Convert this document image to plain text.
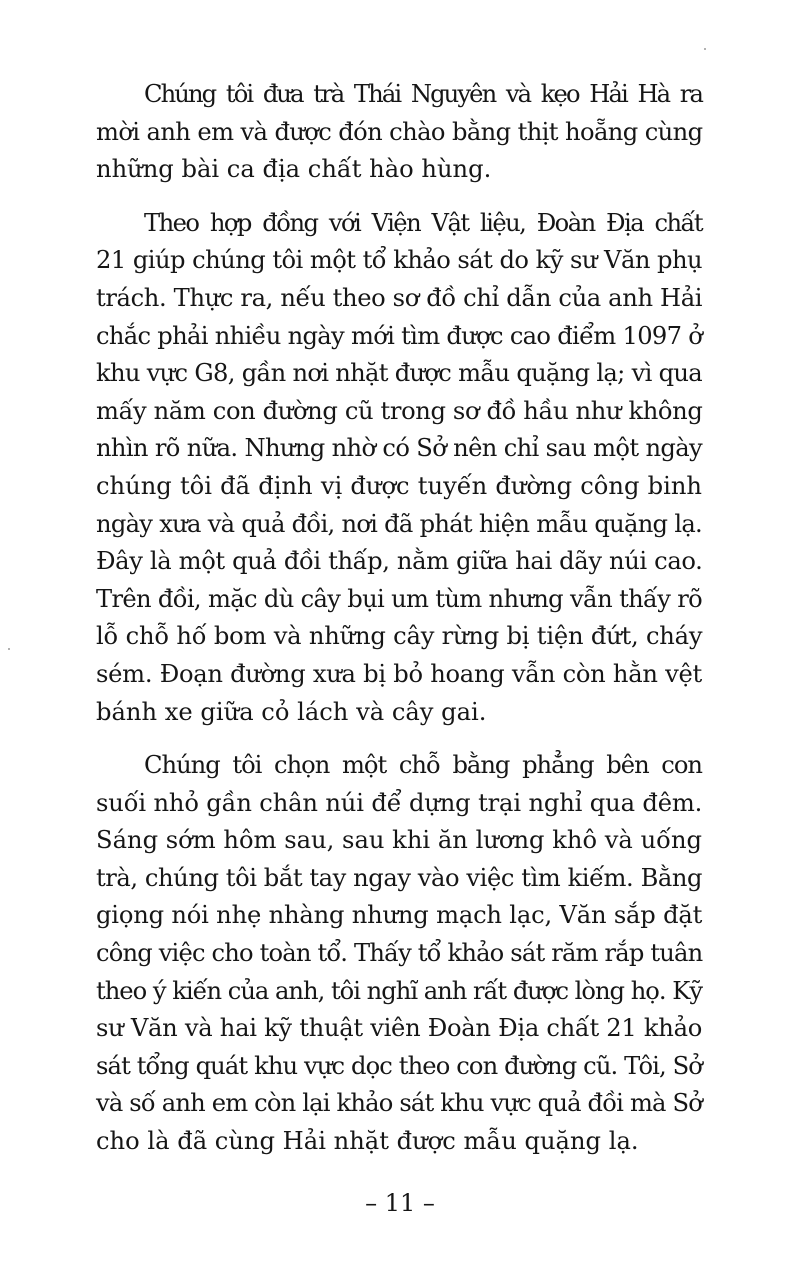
Chúng tôi đưa trà Thái Nguyên và kẹo Hải Hà ra
mời anh em và được đón chào bằng thịt hoẵng cùng
những bài ca địa chất hào hùng.
Theo hợp đồng với Viện Vật liệu, Đoàn Địa chất
21 giúp chúng tôi một tổ khảo sát do kỹ sư Văn phụ
trách. Thực ra, nếu theo sơ đồ chỉ dẫn của anh Hải
chắc phải nhiều ngày mới tìm được cao điểm 1097 ở
khu vực G8, gần nơi nhặt được mẫu quặng lạ; vì qua
mấy năm con đường cũ trong sơ đồ hầu như không
nhìn rõ nữa. Nhưng nhờ có Sở nên chỉ sau một ngày
chúng tôi đã định vị được tuyến đường công binh
ngày xưa và quả đồi, nơi đã phát hiện mẫu quặng lạ.
Đây là một quả đồi thấp, nằm giữa hai dãy núi cao.
Trên đồi, mặc dù cây bụi um tùm nhưng vẫn thấy rõ
lỗ chỗ hố bom và những cây rừng bị tiện đứt, cháy
sém. Đoạn đường xưa bị bỏ hoang vẫn còn hằn vệt
bánh xe giữa cỏ lách và cây gai.
Chúng tôi chọn một chỗ bằng phẳng bên con
suối nhỏ gần chân núi để dựng trại nghỉ qua đêm.
Sáng sớm hôm sau, sau khi ăn lương khô và uống
trà, chúng tôi bắt tay ngay vào việc tìm kiếm. Bằng
giọng nói nhẹ nhàng nhưng mạch lạc, Văn sắp đặt
công việc cho toàn tổ. Thấy tổ khảo sát răm rắp tuân
theo ý kiến của anh, tôi nghĩ anh rất được lòng họ. Kỹ
sư Văn và hai kỹ thuật viên Đoàn Địa chất 21 khảo
sát tổng quát khu vực dọc theo con đường cũ. Tôi, Sở
và số anh em còn lại khảo sát khu vực quả đồi mà Sở
cho là đã cùng Hải nhặt được mẫu quặng lạ.
– 11 –
